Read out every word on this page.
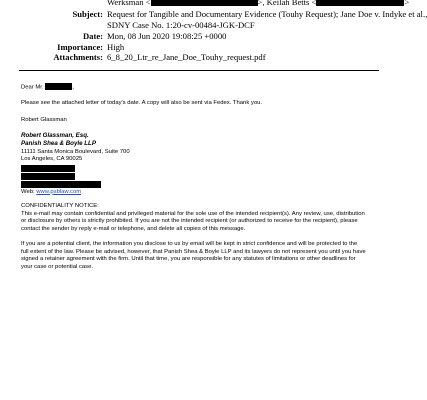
Werksman <	>, Keilah Betts <	>
Subject: Request for Tangible and Documentary Evidence (Touhy Request); Jane Doe v. Indyke et al.,
SDNY Case No. 1:20-cv-00484-JGK-DCF
Date: Mon, 08 Jun 2020 19:08:25 +0000
Importance: High
Attachments: 6_8_20_Ltr_re_Jane_Doe_Touhy_request.pdf
Dear Mr.	,
Please see the attached letter of today's date. A copy will also be sent via Fedex. Thank you.
Robert Glassman
Robert Glassman, Esq.
Panish Shea & Boyle LLP
11111 Santa Monica Boulevard, Suite 700
Los Angeles, CA 90025
Web: www.psblaw.com
CONFIDENTIALITY NOTICE:
This e-mail may contain confidential and privileged material for the sole use of the intended recipient(s). Any review, use, distribution
or disclosure by others is strictly prohibited. If you are not the intended recipient (or authorized to receive for the recipient), please
contact the sender by reply e-mail or telephone, and delete all copies of this message.
If you are a potential client, the information you disclose to us by email will be kept in strict confidence and will be protected to the
full extent of the law. Please be advised, however, that Panish Shea & Boyle LLP and its lawyers do not represent you until you have
signed a retainer agreement with the firm. Until that time, you are responsible for any statutes of limitations or other deadlines for
your case or potential case.
